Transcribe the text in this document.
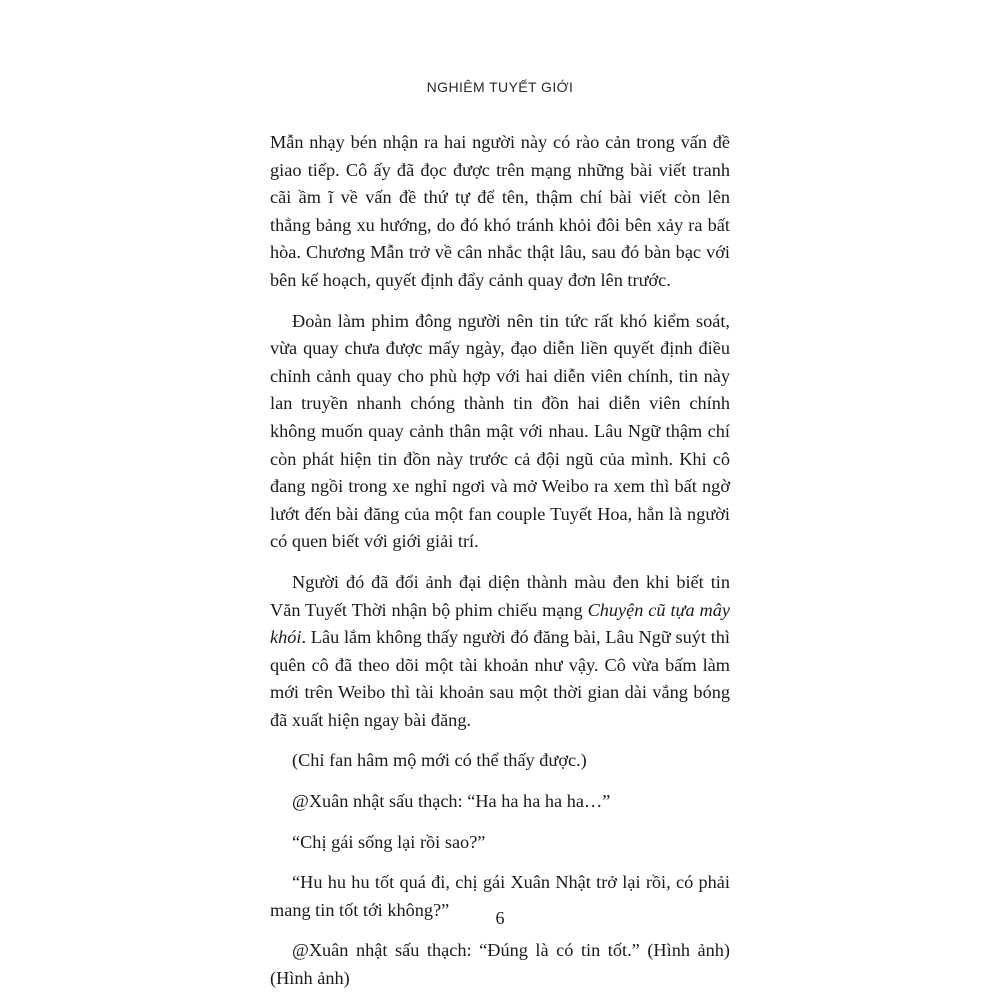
NGHIÊM TUYẾT GIỚI

Mẫn nhạy bén nhận ra hai người này có rào cản trong vấn đề giao tiếp. Cô ấy đã đọc được trên mạng những bài viết tranh cãi ầm ĩ về vấn đề thứ tự để tên, thậm chí bài viết còn lên thẳng bảng xu hướng, do đó khó tránh khỏi đôi bên xảy ra bất hòa. Chương Mẫn trở về cân nhắc thật lâu, sau đó bàn bạc với bên kế hoạch, quyết định đẩy cảnh quay đơn lên trước.

Đoàn làm phim đông người nên tin tức rất khó kiểm soát, vừa quay chưa được mấy ngày, đạo diễn liền quyết định điều chỉnh cảnh quay cho phù hợp với hai diễn viên chính, tin này lan truyền nhanh chóng thành tin đồn hai diễn viên chính không muốn quay cảnh thân mật với nhau. Lâu Ngữ thậm chí còn phát hiện tin đồn này trước cả đội ngũ của mình. Khi cô đang ngồi trong xe nghỉ ngơi và mở Weibo ra xem thì bất ngờ lướt đến bài đăng của một fan couple Tuyết Hoa, hẳn là người có quen biết với giới giải trí.

Người đó đã đổi ảnh đại diện thành màu đen khi biết tin Văn Tuyết Thời nhận bộ phim chiếu mạng Chuyện cũ tựa mây khói. Lâu lắm không thấy người đó đăng bài, Lâu Ngữ suýt thì quên cô đã theo dõi một tài khoản như vậy. Cô vừa bấm làm mới trên Weibo thì tài khoản sau một thời gian dài vắng bóng đã xuất hiện ngay bài đăng.

(Chỉ fan hâm mộ mới có thể thấy được.)

@Xuân nhật sấu thạch: “Ha ha ha ha ha…”

“Chị gái sống lại rồi sao?”

“Hu hu hu tốt quá đi, chị gái Xuân Nhật trở lại rồi, có phải mang tin tốt tới không?”

@Xuân nhật sấu thạch: “Đúng là có tin tốt.” (Hình ảnh) (Hình ảnh)

6
